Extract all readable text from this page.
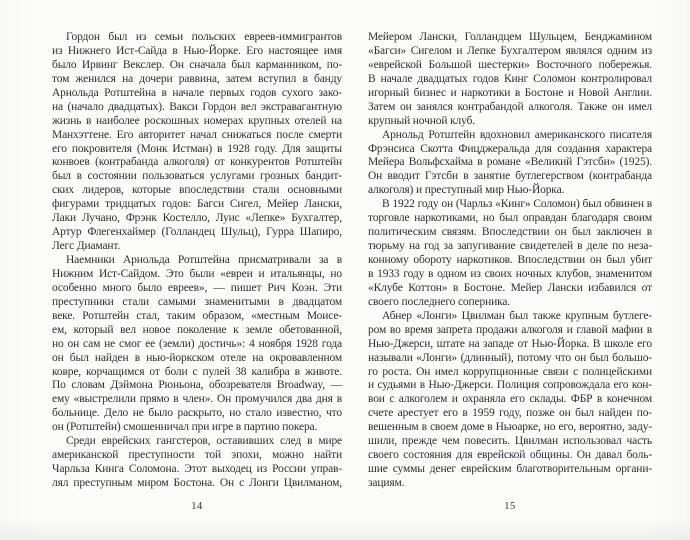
Гордон был из семьи польских евреев-иммигрантов
из Нижнего Ист-Сайда в Нью-Йорке. Его настоящее имя
было Ирвинг Векслер. Он сначала был карманником, по-
том женился на дочери раввина, затем вступил в банду
Арнольда Ротштейна в начале первых годов сухого зако-
на (начало двадцатых). Вакси Гордон вел экстравагантную
жизнь в наиболее роскошных номерах крупных отелей на
Манхэттене. Его авторитет начал снижаться после смерти
его покровителя (Монк Истман) в 1928 году. Для защиты
конвоев (контрабанда алкоголя) от конкурентов Ротштейн
был в состоянии пользоваться услугами грозных бандит-
ских лидеров, которые впоследствии стали основными
фигурами тридцатых годов: Багси Сигел, Мейер Лански,
Лаки Лучано, Фрэнк Костелло, Луис «Лепке» Бухгалтер,
Артур Флегенхаймер (Голландец Шульц), Гурра Шапиро,
Легс Диамант.
Наемники Арнольда Ротштейна присматривали за в
Нижним Ист-Сайдом. Это были «евреи и итальянцы, но
особенно много было евреев», — пишет Рич Коэн. Эти
преступники стали самыми знаменитыми в двадцатом
веке. Ротштейн стал, таким образом, «местным Моисе-
ем, который вел новое поколение к земле обетованной,
но он сам не смог ее (земли) достичь»: 4 ноября 1928 года
он был найден в нью-йоркском отеле на окровавленном
ковре, корчащимся от боли с пулей 38 калибра в животе.
По словам Дэймона Рюньона, обозревателя Broadway, —
ему «выстрелили прямо в член». Он промучился два дня в
больнице. Дело не было раскрыто, но стало известно, что
он (Ротштейн) смошенничал при игре в партию покера.
Среди еврейских гангстеров, оставивших след в мире
американской преступности той эпохи, можно найти
Чарльза Кинга Соломона. Этот выходец из России управ-
лял преступным миром Бостона. Он с Лонги Цвилманом,
Мейером Лански, Голландцем Шульцем, Бенджамином
«Багси» Сигелом и Лепке Бухгалтером являлся одним из
«еврейской Большой шестерки» Восточного побережья.
В начале двадцатых годов Кинг Соломон контролировал
игорный бизнес и наркотики в Бостоне и Новой Англии.
Затем он занялся контрабандой алкоголя. Также он имел
крупный ночной клуб.
Арнольд Ротштейн вдохновил американского писателя
Фрэнсиса Скотта Фицджеральда для создания характера
Мейера Вольфсхайма в романе «Великий Гэтсби» (1925).
Он вводит Гэтсби в занятие бутлегерством (контрабанда
алкоголя) и преступный мир Нью-Йорка.
В 1922 году он (Чарльз «Кинг» Соломон) был обвинен в
торговле наркотиками, но был оправдан благодаря своим
политическим связям. Впоследствии он был заключен в
тюрьму на год за запугивание свидетелей в деле по неза-
конному обороту наркотиков. Впоследствии он был убит
в 1933 году в одном из своих ночных клубов, знаменитом
«Клубе Коттон» в Бостоне. Мейер Лански избавился от
своего последнего соперника.
Абнер «Лонги» Цвилман был также крупным бутлеге-
ром во время запрета продажи алкоголя и главой мафии в
Нью-Джерси, штате на западе от Нью-Йорка. В школе его
называли «Лонги» (длинный), потому что он был большо-
го роста. Он имел коррупционные связи с полицейскими
и судьями в Нью-Джерси. Полиция сопровождала его кон-
вои с алкоголем и охраняла его склады. ФБР в конечном
счете арестует его в 1959 году, позже он был найден по-
вешенным в своем доме в Ньюарке, но его, вероятно, заду-
шили, прежде чем повесить. Цвилман использовал часть
своего состояния для еврейской общины. Он давал боль-
шие суммы денег еврейским благотворительным органи-
зациям.
14	15
